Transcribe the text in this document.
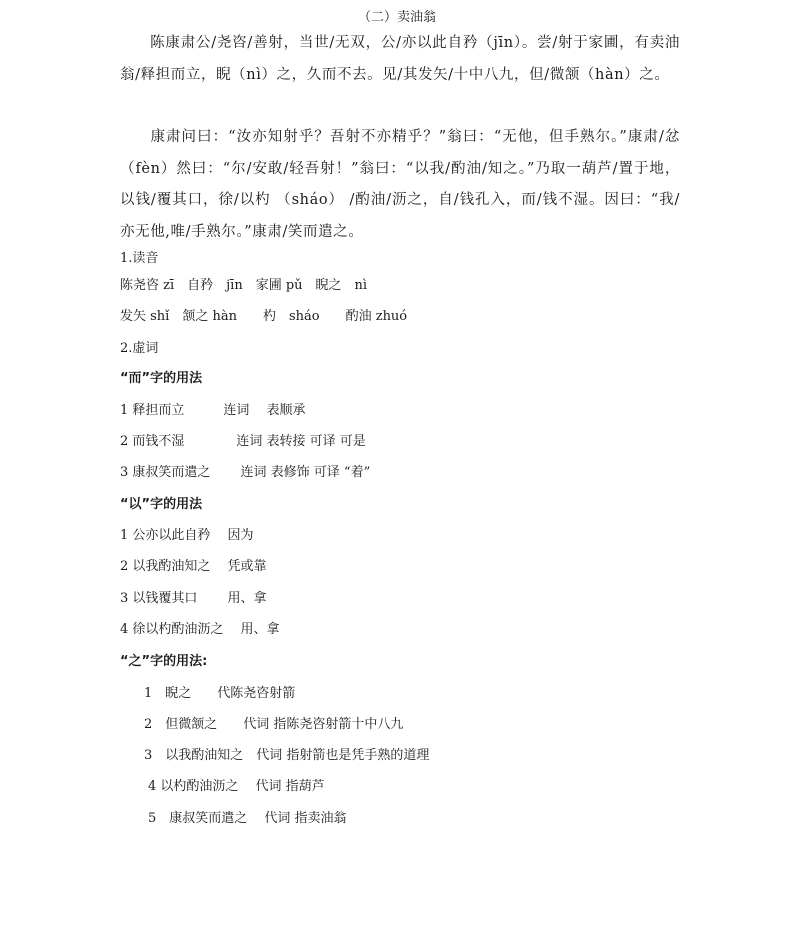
（二）卖油翁

陈康肃公/尧咨/善射，当世/无双，公/亦以此自矜（jīn）。尝/射于家圃，有卖油翁/释担而立，睨（nì）之，久而不去。见/其发矢/十中八九，但/微颔（hàn）之。

康肃问曰：“汝亦知射乎？吾射不亦精乎？”翁曰：“无他，但手熟尔。”康肃/忿（fèn）然曰：“尔/安敢/轻吾射！”翁曰：“以我/酌油/知之。”乃取一葫芦/置于地，以钱/覆其口，徐/以杓 （sháo） /酌油/沥之，自/钱孔入，而/钱不湿。因曰：“我/亦无他,唯/手熟尔。”康肃/笑而遣之。

1.读音
陈尧咨 zī　自矜　jīn　家圃 pǔ　睨之　nì
发矢 shǐ　颔之 hàn　　杓　sháo　　酌油 zhuó
2.虚词
“而”字的用法
1 释担而立　　　连词　 表顺承
2 而钱不湿　　　　连词 表转接 可译 可是
3 康叔笑而遣之　　 连词 表修饰 可译 “着”
“以”字的用法
1 公亦以此自矜　 因为
2 以我酌油知之　 凭或靠
3 以钱覆其口　　 用、拿
4 徐以杓酌油沥之　 用、拿
“之”字的用法:
1　睨之　　代陈尧咨射箭
2　但微颔之　　代词 指陈尧咨射箭十中八九
3　以我酌油知之　代词 指射箭也是凭手熟的道理
4 以杓酌油沥之　 代词 指葫芦
5　康叔笑而遣之　 代词 指卖油翁
